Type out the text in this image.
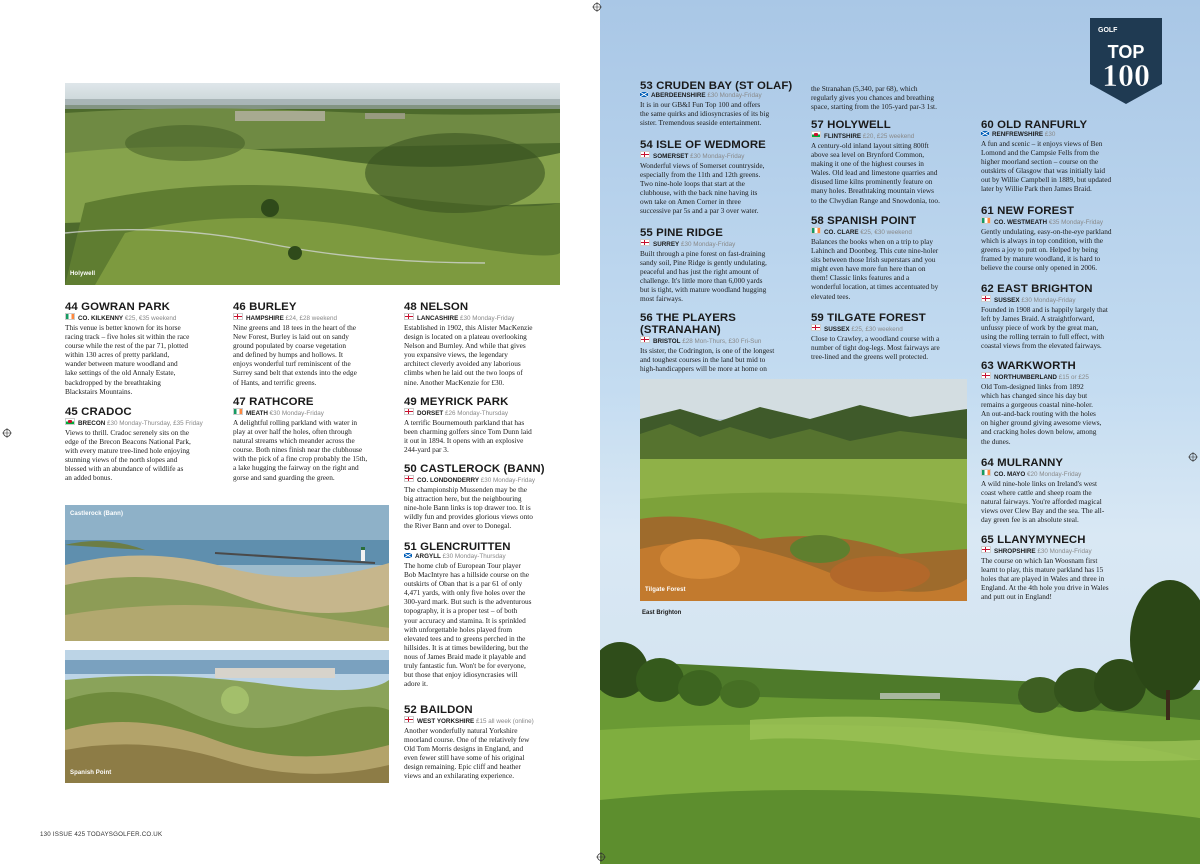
Holywell
44 GOWRAN PARK
CO. KILKENNY €25, €35 weekend
This venue is better known for its horse
racing track – five holes sit within the race
course while the rest of the par 71, plotted
within 130 acres of pretty parkland,
wander between mature woodland and
lake settings of the old Annaly Estate,
backdropped by the breathtaking
Blackstairs Mountains.
45 CRADOC
BRECON £30 Monday-Thursday, £35 Friday
Views to thrill. Cradoc serenely sits on the
edge of the Brecon Beacons National Park,
with every mature tree-lined hole enjoying
stunning views of the north slopes and
blessed with an abundance of wildlife as
an added bonus.
46 BURLEY
HAMPSHIRE £24, £28 weekend
Nine greens and 18 tees in the heart of the
New Forest, Burley is laid out on sandy
ground populated by coarse vegetation
and defined by humps and hollows. It
enjoys wonderful turf reminiscent of the
Surrey sand belt that extends into the edge
of Hants, and terrific greens.
47 RATHCORE
MEATH €30 Monday-Friday
A delightful rolling parkland with water in
play at over half the holes, often through
natural streams which meander across the
course. Both nines finish near the clubhouse
with the pick of a fine crop probably the 15th,
a lake hugging the fairway on the right and
gorse and sand guarding the green.
48 NELSON
LANCASHIRE £30 Monday-Friday
Established in 1902, this Alister MacKenzie
design is located on a plateau overlooking
Nelson and Burnley. And while that gives
you expansive views, the legendary
architect cleverly avoided any laborious
climbs when he laid out the two loops of
nine. Another MacKenzie for £30.
49 MEYRICK PARK
DORSET £26 Monday-Thursday
A terrific Bournemouth parkland that has
been charming golfers since Tom Dunn laid
it out in 1894. It opens with an explosive
244-yard par 3.
50 CASTLEROCK (BANN)
CO. LONDONDERRY £30 Monday-Friday
The championship Mussenden may be the
big attraction here, but the neighbouring
nine-hole Bann links is top drawer too. It is
wildly fun and provides glorious views onto
the River Bann and over to Donegal.
51 GLENCRUITTEN
ARGYLL £30 Monday-Thursday
The home club of European Tour player
Bob MacIntyre has a hillside course on the
outskirts of Oban that is a par 61 of only
4,471 yards, with only five holes over the
300-yard mark. But such is the adventurous
topography, it is a proper test – of both
your accuracy and stamina. It is sprinkled
with unforgettable holes played from
elevated tees and to greens perched in the
hillsides. It is at times bewildering, but the
nous of James Braid made it playable and
truly fantastic fun. Won't be for everyone,
but those that enjoy idiosyncrasies will
adore it.
52 BAILDON
WEST YORKSHIRE £15 all week (online)
Another wonderfully natural Yorkshire
moorland course. One of the relatively few
Old Tom Morris designs in England, and
even fewer still have some of his original
design remaining. Epic cliff and heather
views and an exhilarating experience.
Castlerock (Bann)
Spanish Point
130 ISSUE 425 TODAYSGOLFER.CO.UK
53 CRUDEN BAY (ST OLAF)
ABERDEENSHIRE £30 Monday-Friday
It is in our GB&I Fun Top 100 and offers
the same quirks and idiosyncrasies of its big
sister. Tremendous seaside entertainment.
54 ISLE OF WEDMORE
SOMERSET £30 Monday-Friday
Wonderful views of Somerset countryside,
especially from the 11th and 12th greens.
Two nine-hole loops that start at the
clubhouse, with the back nine having its
own take on Amen Corner in three
successive par 5s and a par 3 over water.
55 PINE RIDGE
SURREY £30 Monday-Friday
Built through a pine forest on fast-draining
sandy soil, Pine Ridge is gently undulating,
peaceful and has just the right amount of
challenge. It's little more than 6,000 yards
but is tight, with mature woodland hugging
most fairways.
56 THE PLAYERS (STRANAHAN)
BRISTOL £28 Mon-Thurs, £30 Fri-Sun
Its sister, the Codrington, is one of the longest
and toughest courses in the land but mid to
high-handicappers will be more at home on
the Stranahan (5,340, par 68), which
regularly gives you chances and breathing
space, starting from the 105-yard par-3 1st.
57 HOLYWELL
FLINTSHIRE £20, £25 weekend
A century-old inland layout sitting 800ft
above sea level on Brynford Common,
making it one of the highest courses in
Wales. Old lead and limestone quarries and
disused lime kilns prominently feature on
many holes. Breathtaking mountain views
to the Clwydian Range and Snowdonia, too.
58 SPANISH POINT
CO. CLARE €25, €30 weekend
Balances the books when on a trip to play
Lahinch and Doonbeg. This cute nine-holer
sits between those Irish superstars and you
might even have more fun here than on
them! Classic links features and a
wonderful location, at times accentuated by
elevated tees.
59 TILGATE FOREST
SUSSEX £25, £30 weekend
Close to Crawley, a woodland course with a
number of tight dog-legs. Most fairways are
tree-lined and the greens well protected.
60 OLD RANFURLY
RENFREWSHIRE £30
A fun and scenic – it enjoys views of Ben
Lomond and the Campsie Fells from the
higher moorland section – course on the
outskirts of Glasgow that was initially laid
out by Willie Campbell in 1889, but updated
later by Willie Park then James Braid.
61 NEW FOREST
CO. WESTMEATH €35 Monday-Friday
Gently undulating, easy-on-the-eye parkland
which is always in top condition, with the
greens a joy to putt on. Helped by being
framed by mature woodland, it is hard to
believe the course only opened in 2006.
62 EAST BRIGHTON
SUSSEX £30 Monday-Friday
Founded in 1908 and is happily largely that
left by James Braid. A straightforward,
unfussy piece of work by the great man,
using the rolling terrain to full effect, with
coastal views from the elevated fairways.
63 WARKWORTH
NORTHUMBERLAND £15 or £25
Old Tom-designed links from 1892
which has changed since his day but
remains a gorgeous coastal nine-holer.
An out-and-back routing with the holes
on higher ground giving awesome views,
and cracking holes down below, among
the dunes.
64 MULRANNY
CO. MAYO €20 Monday-Friday
A wild nine-hole links on Ireland's west
coast where cattle and sheep roam the
natural fairways. You're afforded magical
views over Clew Bay and the sea. The all-
day green fee is an absolute steal.
65 LLANYMYNECH
SHROPSHIRE £30 Monday-Friday
The course on which Ian Woosnam first
learnt to play, this mature parkland has 15
holes that are played in Wales and three in
England. At the 4th hole you drive in Wales
and putt out in England!
Tilgate Forest
East Brighton
GOLF
TOP
100
